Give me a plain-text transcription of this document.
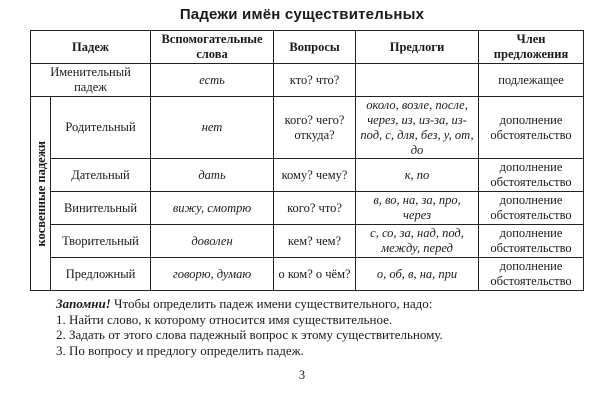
Падежи имён существительных
Падеж		Вспомогательные слова	Вопросы	Предлоги	Член предложения
Именительный падеж		есть	кто? что?		подлежащее

косвенные падежи	Родительный	нет	кого? чего? откуда?	около, возле, после, через, из, из-за, из-под, с, для, без, у, от, до	дополнение обстоятельство
	Дательный	дать	кому? чему?	к, по	дополнение обстоятельство
	Винительный	вижу, смотрю	кого? что?	в, во, на, за, про, через	дополнение обстоятельство
	Творительный	доволен	кем? чем?	с, со, за, над, под, между, перед	дополнение обстоятельство
	Предложный	говорю, думаю	о ком? о чём?	о, об, в, на, при	дополнение обстоятельство
Запомни! Чтобы определить падеж имени существительного, надо:
1. Найти слово, к которому относится имя существительное.
2. Задать от этого слова падежный вопрос к этому существительному.
3. По вопросу и предлогу определить падеж.
3
